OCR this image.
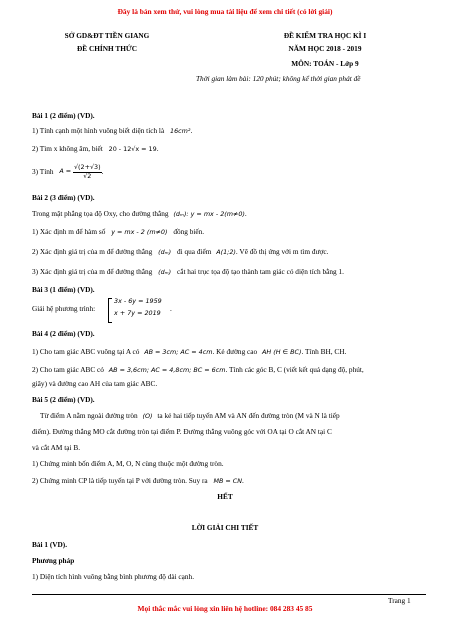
Đây là bản xem thử, vui lòng mua tài liệu để xem chi tiết (có lời giải)
SỞ GD&ĐT TIỀN GIANG
ĐỀ CHÍNH THỨC
ĐỀ KIỂM TRA HỌC KÌ I
NĂM HỌC 2018 - 2019
MÔN: TOÁN - Lớp 9
Thời gian làm bài: 120 phút; không kể thời gian phát đề
Bài 1 (2 điểm) (VD).
1) Tính cạnh một hình vuông biết diện tích là 16cm².
2) Tìm x không âm, biết 20 - 12√x = 19.
3) Tính $A = \frac{√(2+√3)}{√2}$ .
Bài 2 (3 điểm) (VD).
Trong mặt phẳng tọa độ Oxy, cho đường thẳng (dₘ): y = mx - 2(m≠0).
1) Xác định m để hàm số y = mx - 2 (m≠0) đồng biến.
2) Xác định giá trị của m để đường thẳng (dₘ) đi qua điểm A(1;2). Vẽ đồ thị ứng với m tìm được.
3) Xác định giá trị của m để đường thẳng (dₘ) cắt hai trục tọa độ tạo thành tam giác có diện tích bằng 1.
Bài 3 (1 điểm) (VD).
Giải hệ phương trình:
3x - 6y = 1959
x + 7y = 2019 .
Bài 4 (2 điểm) (VD).
1) Cho tam giác ABC vuông tại A có AB = 3cm; AC = 4cm. Kẻ đường cao AH (H ∈ BC). Tính BH, CH.
2) Cho tam giác ABC có AB = 3,6cm; AC = 4,8cm; BC = 6cm. Tính các góc B, C (viết kết quả dạng độ, phút,
giây) và đường cao AH của tam giác ABC.
Bài 5 (2 điểm) (VD).
Từ điểm A nằm ngoài đường tròn (O) ta kẻ hai tiếp tuyến AM và AN đến đường tròn (M và N là tiếp
điểm). Đường thẳng MO cắt đường tròn tại điểm P. Đường thẳng vuông góc với OA tại O cắt AN tại C
và cắt AM tại B.
1) Chứng minh bốn điểm A, M, O, N cùng thuộc một đường tròn.
2) Chứng minh CP là tiếp tuyến tại P với đường tròn. Suy ra MB = CN.
HẾT
LỜI GIẢI CHI TIẾT
Bài 1 (VD).
Phương pháp
1) Diện tích hình vuông bằng bình phương độ dài cạnh.
Trang 1
Mọi thắc mắc vui lòng xin liên hệ hotline: 084 283 45 85
